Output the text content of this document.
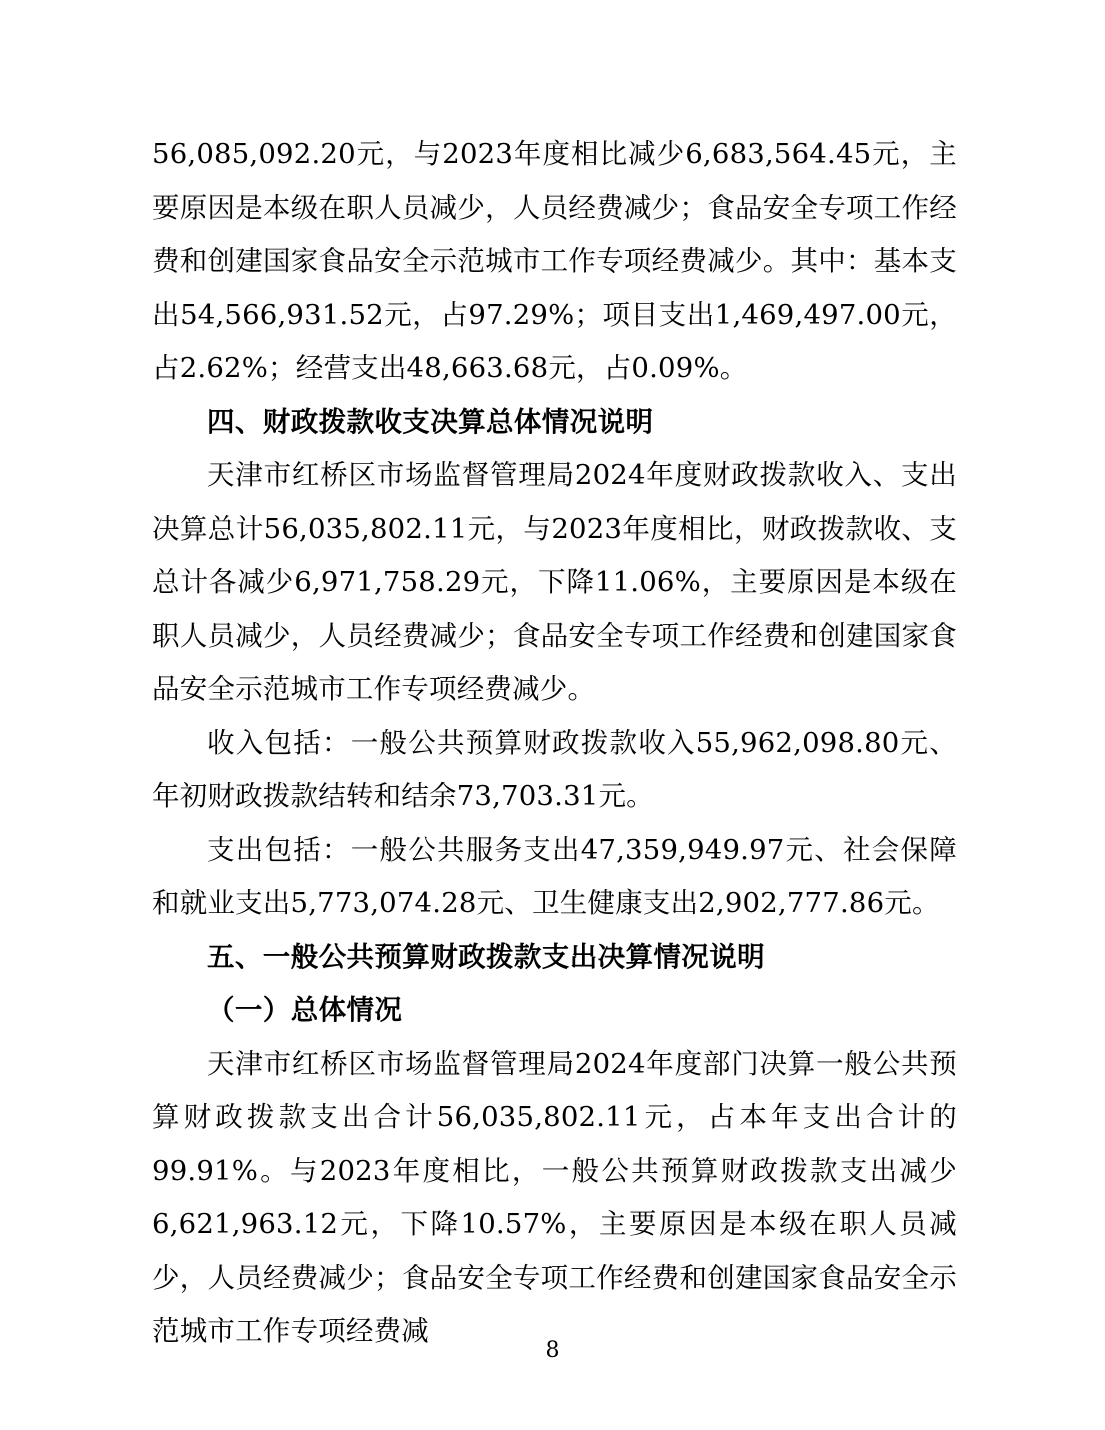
56,085,092.20元，与2023年度相比减少6,683,564.45元，主要原因是本级在职人员减少，人员经费减少；食品安全专项工作经费和创建国家食品安全示范城市工作专项经费减少。其中：基本支出54,566,931.52元，占97.29%；项目支出1,469,497.00元，占2.62%；经营支出48,663.68元，占0.09%。

四、财政拨款收支决算总体情况说明

天津市红桥区市场监督管理局2024年度财政拨款收入、支出决算总计56,035,802.11元，与2023年度相比，财政拨款收、支总计各减少6,971,758.29元，下降11.06%，主要原因是本级在职人员减少，人员经费减少；食品安全专项工作经费和创建国家食品安全示范城市工作专项经费减少。

收入包括：一般公共预算财政拨款收入55,962,098.80元、年初财政拨款结转和结余73,703.31元。

支出包括：一般公共服务支出47,359,949.97元、社会保障和就业支出5,773,074.28元、卫生健康支出2,902,777.86元。

五、一般公共预算财政拨款支出决算情况说明

（一）总体情况

天津市红桥区市场监督管理局2024年度部门决算一般公共预算财政拨款支出合计56,035,802.11元，占本年支出合计的99.91%。与2023年度相比，一般公共预算财政拨款支出减少6,621,963.12元，下降10.57%，主要原因是本级在职人员减少，人员经费减少；食品安全专项工作经费和创建国家食品安全示范城市工作专项经费减

8
